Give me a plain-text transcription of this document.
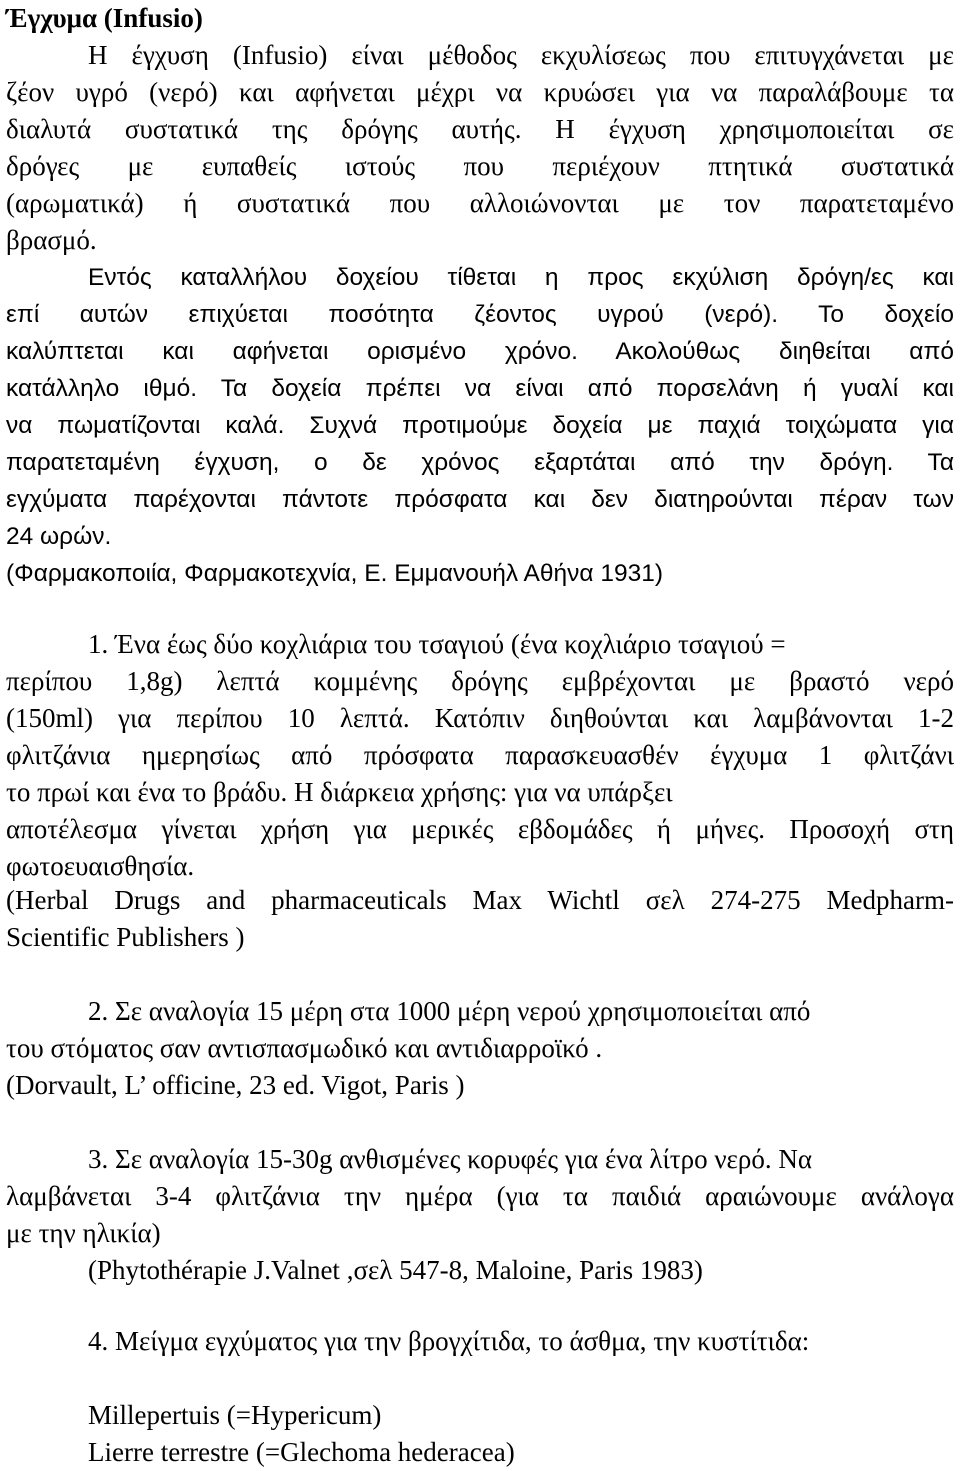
Έγχυμα (Infusio)
Η έγχυση (Infusio) είναι μέθοδος εκχυλίσεως που επιτυγχάνεται με
ζέον υγρό (νερό) και αφήνεται μέχρι να κρυώσει για να παραλάβουμε τα
διαλυτά συστατικά της δρόγης αυτής. Η έγχυση χρησιμοποιείται σε
δρόγες με ευπαθείς ιστούς που περιέχουν πτητικά συστατικά
(αρωματικά) ή συστατικά που αλλοιώνονται με τον παρατεταμένο
βρασμό.
Εντός καταλλήλου δοχείου τίθεται η προς εκχύλιση δρόγη/ες και
επί αυτών επιχύεται ποσότητα ζέοντος υγρού (νερό). Το δοχείο
καλύπτεται και αφήνεται ορισμένο χρόνο. Ακολούθως διηθείται από
κατάλληλο ιθμό. Τα δοχεία πρέπει να είναι από πορσελάνη ή γυαλί και
να πωματίζονται καλά. Συχνά προτιμούμε δοχεία με παχιά τοιχώματα για
παρατεταμένη έγχυση, ο δε χρόνος εξαρτάται από την δρόγη. Τα
εγχύματα παρέχονται πάντοτε πρόσφατα και δεν διατηρούνται πέραν των
24 ωρών.
(Φαρμακοποιία, Φαρμακοτεχνία, Ε. Εμμανουήλ Αθήνα 1931)
1. Ένα έως δύο κοχλιάρια του τσαγιού (ένα κοχλιάριο τσαγιού =
περίπου 1,8g) λεπτά κομμένης δρόγης εμβρέχονται με βραστό νερό
(150ml) για περίπου 10 λεπτά. Κατόπιν διηθούνται και λαμβάνονται 1-2
φλιτζάνια ημερησίως από πρόσφατα παρασκευασθέν έγχυμα 1 φλιτζάνι
το πρωί και ένα το βράδυ. Η διάρκεια χρήσης: για να υπάρξει
αποτέλεσμα γίνεται χρήση για μερικές εβδομάδες ή μήνες. Προσοχή στη
φωτοευαισθησία.
(Herbal Drugs and pharmaceuticals Max Wichtl σελ 274-275 Medpharm-
Scientific Publishers )
2. Σε αναλογία 15 μέρη στα 1000 μέρη νερού χρησιμοποιείται από
του στόματος σαν αντισπασμωδικό και αντιδιαρροϊκό .
(Dorvault, L’ officine, 23 ed. Vigot, Paris )
3. Σε αναλογία 15-30g ανθισμένες κορυφές για ένα λίτρο νερό. Να
λαμβάνεται 3-4 φλιτζάνια την ημέρα (για τα παιδιά αραιώνουμε ανάλογα
με την ηλικία)
(Phytothérapie J.Valnet ,σελ 547-8, Maloine, Paris 1983)
4. Μείγμα εγχύματος για την βρογχίτιδα, το άσθμα, την κυστίτιδα:
Millepertuis (=Hypericum)
Lierre terrestre (=Glechoma hederacea)
